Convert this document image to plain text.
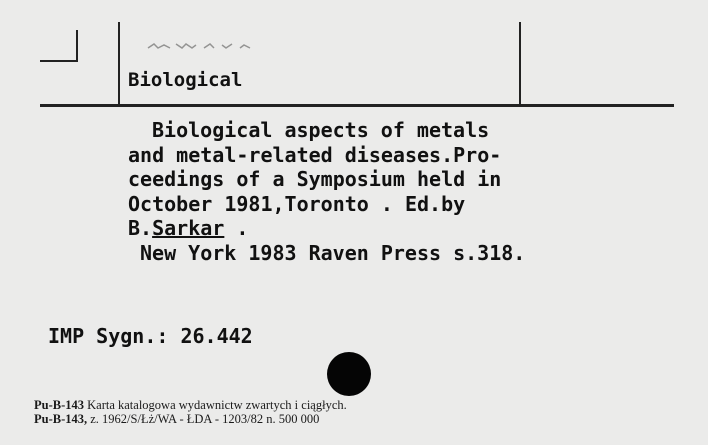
Biological
Biological aspects of metals
and metal-related diseases.Pro-
ceedings of a Symposium held in
October 1981,Toronto . Ed.by
B.Sarkar .
New York 1983 Raven Press s.318.
IMP Sygn.: 26.442
Pu-B-143 Karta katalogowa wydawnictw zwartych i ciągłych.
Pu-B-143, z. 1962/S/Łż/WA - ŁDA - 1203/82 n. 500 000
